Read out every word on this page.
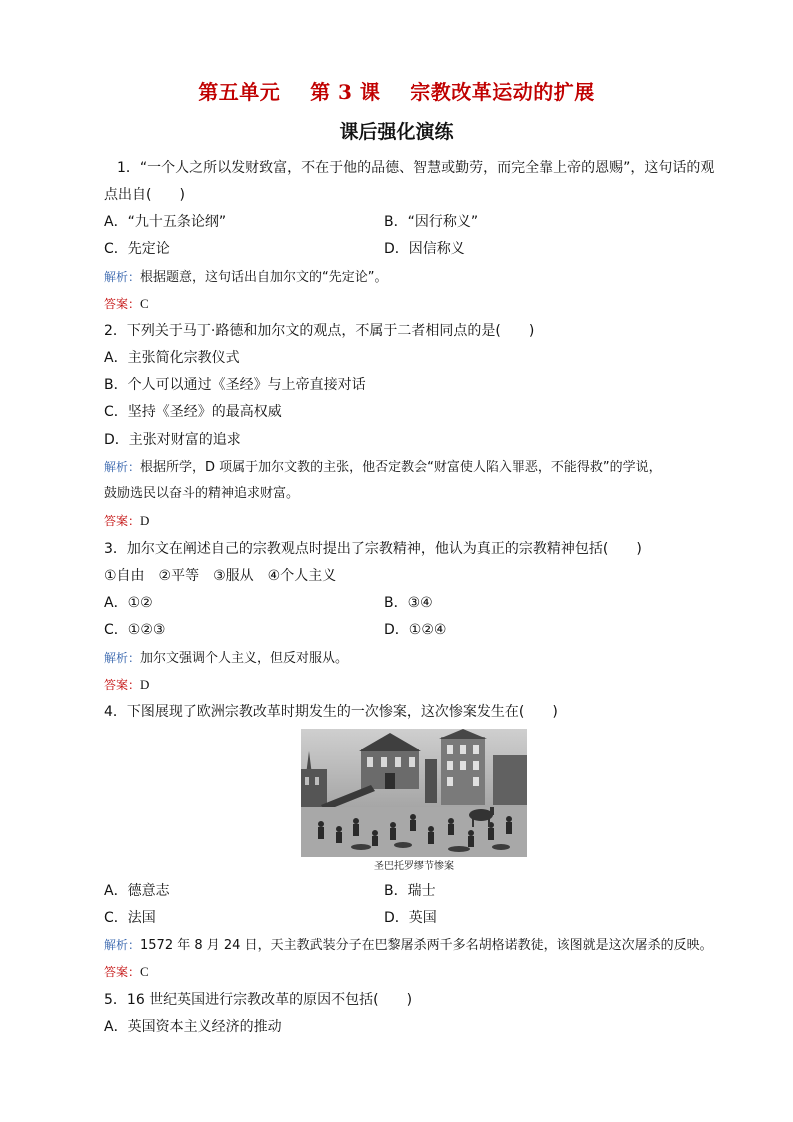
第五单元    第 3 课    宗教改革运动的扩展
课后强化演练
1．“一个人之所以发财致富，不在于他的品德、智慧或勤劳，而完全靠上帝的恩赐”，这句话的观
点出自(　　)
A．“九十五条论纲”	B．“因行称义”
C．先定论	D．因信称义
解析：根据题意，这句话出自加尔文的“先定论”。
答案：C
2．下列关于马丁·路德和加尔文的观点，不属于二者相同点的是(　　)
A．主张简化宗教仪式
B．个人可以通过《圣经》与上帝直接对话
C．坚持《圣经》的最高权威
D．主张对财富的追求
解析：根据所学，D 项属于加尔文教的主张，他否定教会“财富使人陷入罪恶，不能得救”的学说，
鼓励选民以奋斗的精神追求财富。
答案：D
3．加尔文在阐述自己的宗教观点时提出了宗教精神，他认为真正的宗教精神包括(　　)
①自由　②平等　③服从　④个人主义
A．①②	B．③④
C．①②③	D．①②④
解析：加尔文强调个人主义，但反对服从。
答案：D
4．下图展现了欧洲宗教改革时期发生的一次惨案，这次惨案发生在(　　)
圣巴托罗缪节惨案
A．德意志	B．瑞士
C．法国	D．英国
解析：1572 年 8 月 24 日，天主教武装分子在巴黎屠杀两千多名胡格诺教徒，该图就是这次屠杀的反映。
答案：C
5．16 世纪英国进行宗教改革的原因不包括(　　)
A．英国资本主义经济的推动
